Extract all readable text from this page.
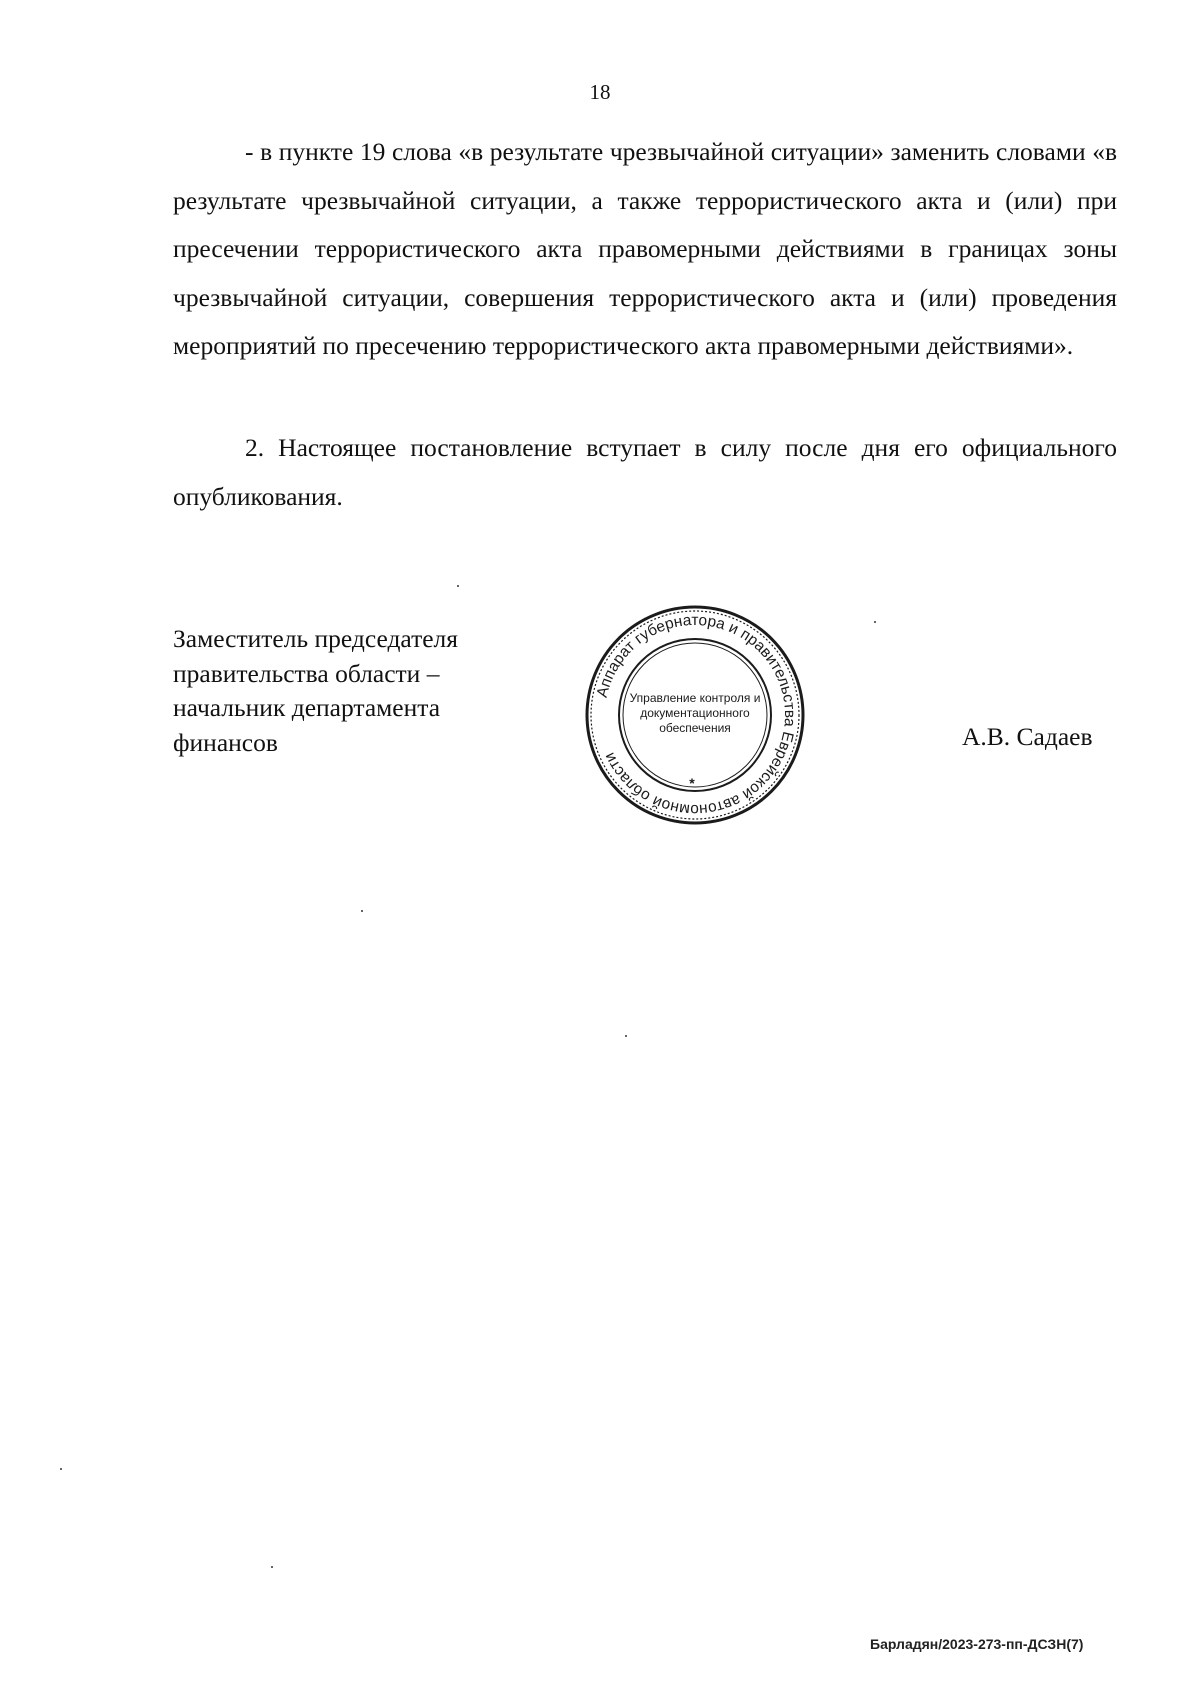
18

- в пункте 19 слова «в результате чрезвычайной ситуации» заменить словами «в результате чрезвычайной ситуации, а также террористического акта и (или) при пресечении террористического акта правомерными действиями в границах зоны чрезвычайной ситуации, совершения террористического акта и (или) проведения мероприятий по пресечению террористического акта правомерными действиями».

2. Настоящее постановление вступает в силу после дня его официального опубликования.

Заместитель председателя
правительства области –
начальник департамента
финансов
Аппарат губернатора и правительства Еврейской автономной области
Управление контроля и
документационного
обеспечения
*
А.В. Садаев
Барладян/2023-273-пп-ДСЗН(7)
